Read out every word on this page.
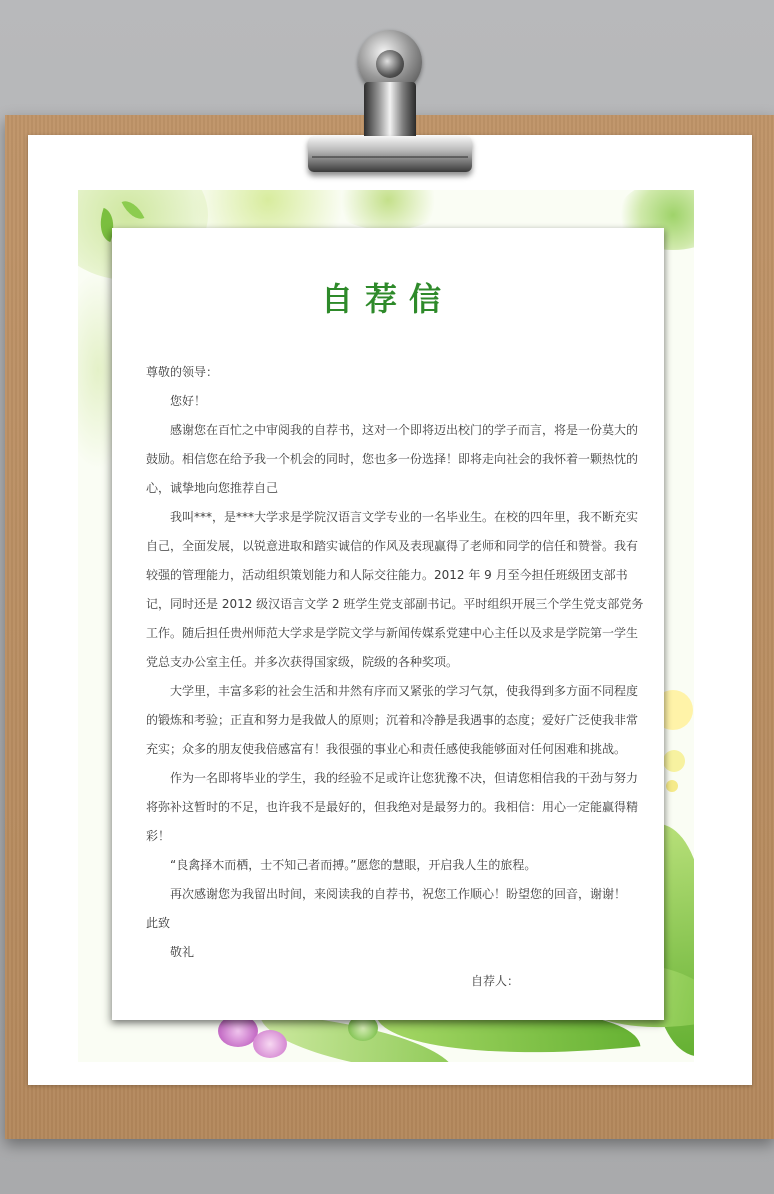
自荐信

尊敬的领导：

您好！

感谢您在百忙之中审阅我的自荐书，这对一个即将迈出校门的学子而言，将是一份莫大的鼓励。相信您在给予我一个机会的同时，您也多一份选择！即将走向社会的我怀着一颗热忱的心，诚挚地向您推荐自己

我叫***，是***大学求是学院汉语言文学专业的一名毕业生。在校的四年里，我不断充实自己，全面发展，以锐意进取和踏实诚信的作风及表现赢得了老师和同学的信任和赞誉。我有较强的管理能力，活动组织策划能力和人际交往能力。2012 年 9 月至今担任班级团支部书记，同时还是 2012 级汉语言文学 2 班学生党支部副书记。平时组织开展三个学生党支部党务工作。随后担任贵州师范大学求是学院文学与新闻传媒系党建中心主任以及求是学院第一学生党总支办公室主任。并多次获得国家级，院级的各种奖项。

大学里，丰富多彩的社会生活和井然有序而又紧张的学习气氛，使我得到多方面不同程度的锻炼和考验；正直和努力是我做人的原则；沉着和冷静是我遇事的态度；爱好广泛使我非常充实；众多的朋友使我倍感富有！我很强的事业心和责任感使我能够面对任何困难和挑战。

作为一名即将毕业的学生，我的经验不足或许让您犹豫不决，但请您相信我的干劲与努力将弥补这暂时的不足，也许我不是最好的，但我绝对是最努力的。我相信：用心一定能赢得精彩！

“良禽择木而栖，士不知己者而搏。”愿您的慧眼，开启我人生的旅程。

再次感谢您为我留出时间，来阅读我的自荐书，祝您工作顺心！盼望您的回音，谢谢！

此致

敬礼

自荐人：
